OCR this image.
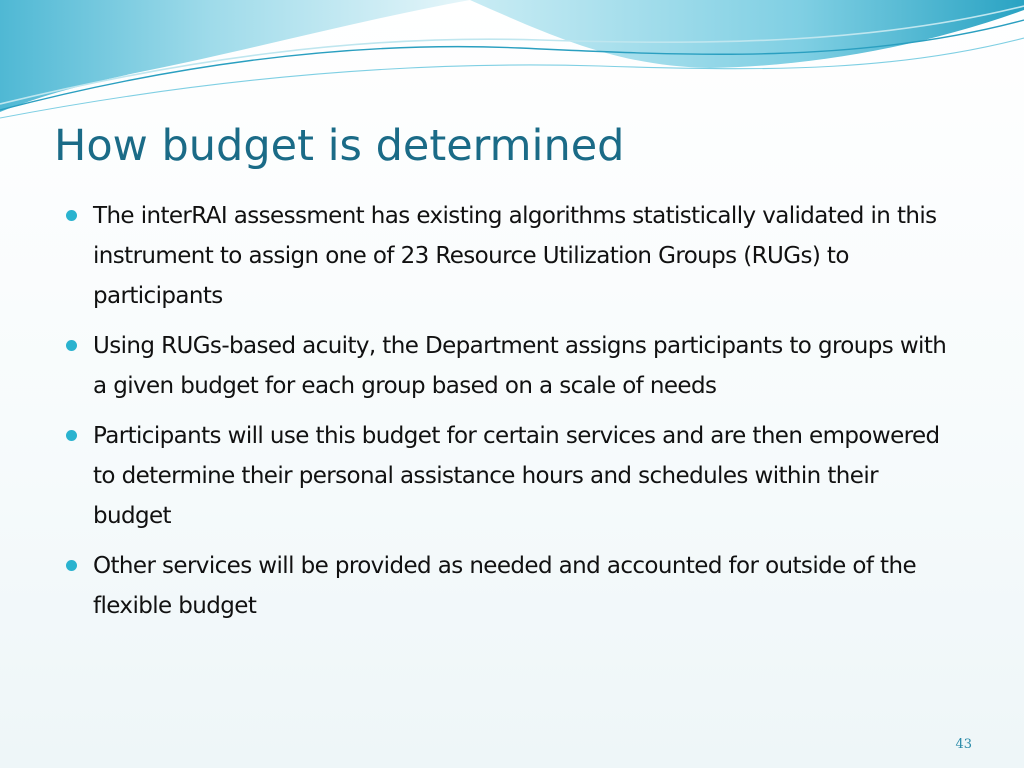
How budget is determined
The interRAI assessment has existing algorithms statistically validated in this instrument to assign one of 23 Resource Utilization Groups (RUGs) to participants
Using RUGs-based acuity, the Department assigns participants to groups with a given budget for each group based on a scale of needs
Participants will use this budget for certain services and are then empowered to determine their personal assistance hours and schedules within their budget
Other services will be provided as needed and accounted for outside of the flexible budget
43
